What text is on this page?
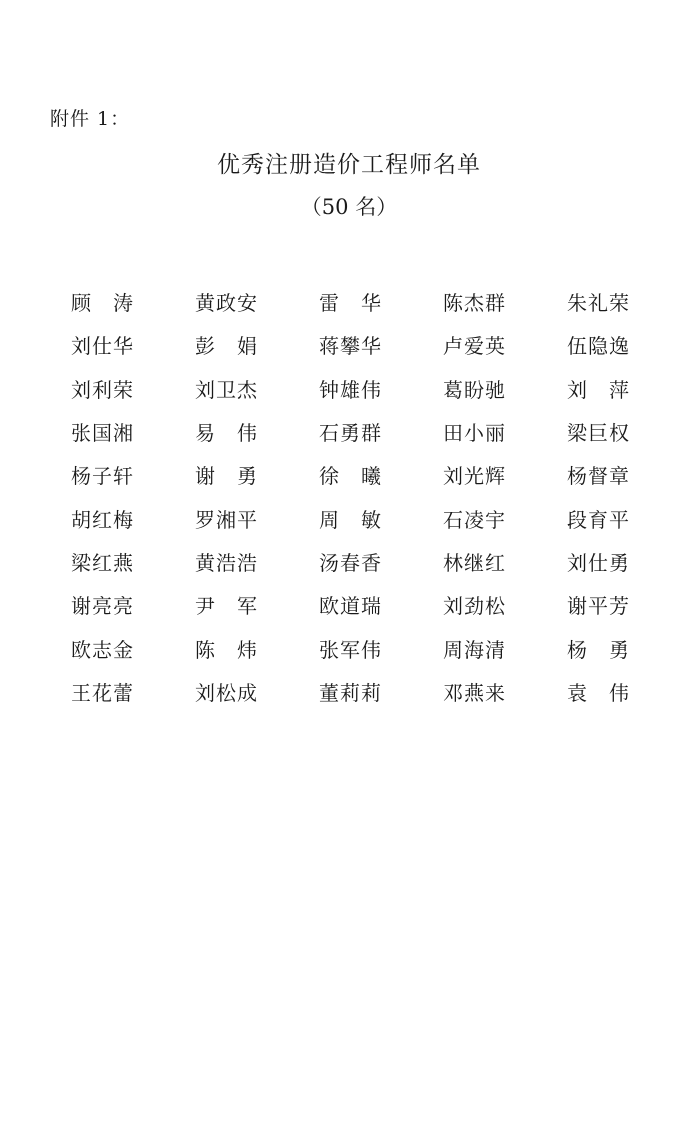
附件 1：
优秀注册造价工程师名单
（50 名）
顾 涛	黄 政 安	雷 华	陈 杰 群	朱 礼 荣
刘 仕 华	彭 娟	蒋 攀 华	卢 爱 英	伍 隐 逸
刘 利 荣	刘 卫 杰	钟 雄 伟	葛 盼 驰	刘 萍
张 国 湘	易 伟	石 勇 群	田 小 丽	梁 巨 权
杨 子 轩	谢 勇	徐 曦	刘 光 辉	杨 督 章
胡 红 梅	罗 湘 平	周 敏	石 凌 宇	段 育 平
梁 红 燕	黄 浩 浩	汤 春 香	林 继 红	刘 仕 勇
谢 亮 亮	尹 军	欧 道 瑞	刘 劲 松	谢 平 芳
欧 志 金	陈 炜	张 军 伟	周 海 清	杨 勇
王 花 蕾	刘 松 成	董 莉 莉	邓 燕 来	袁 伟
